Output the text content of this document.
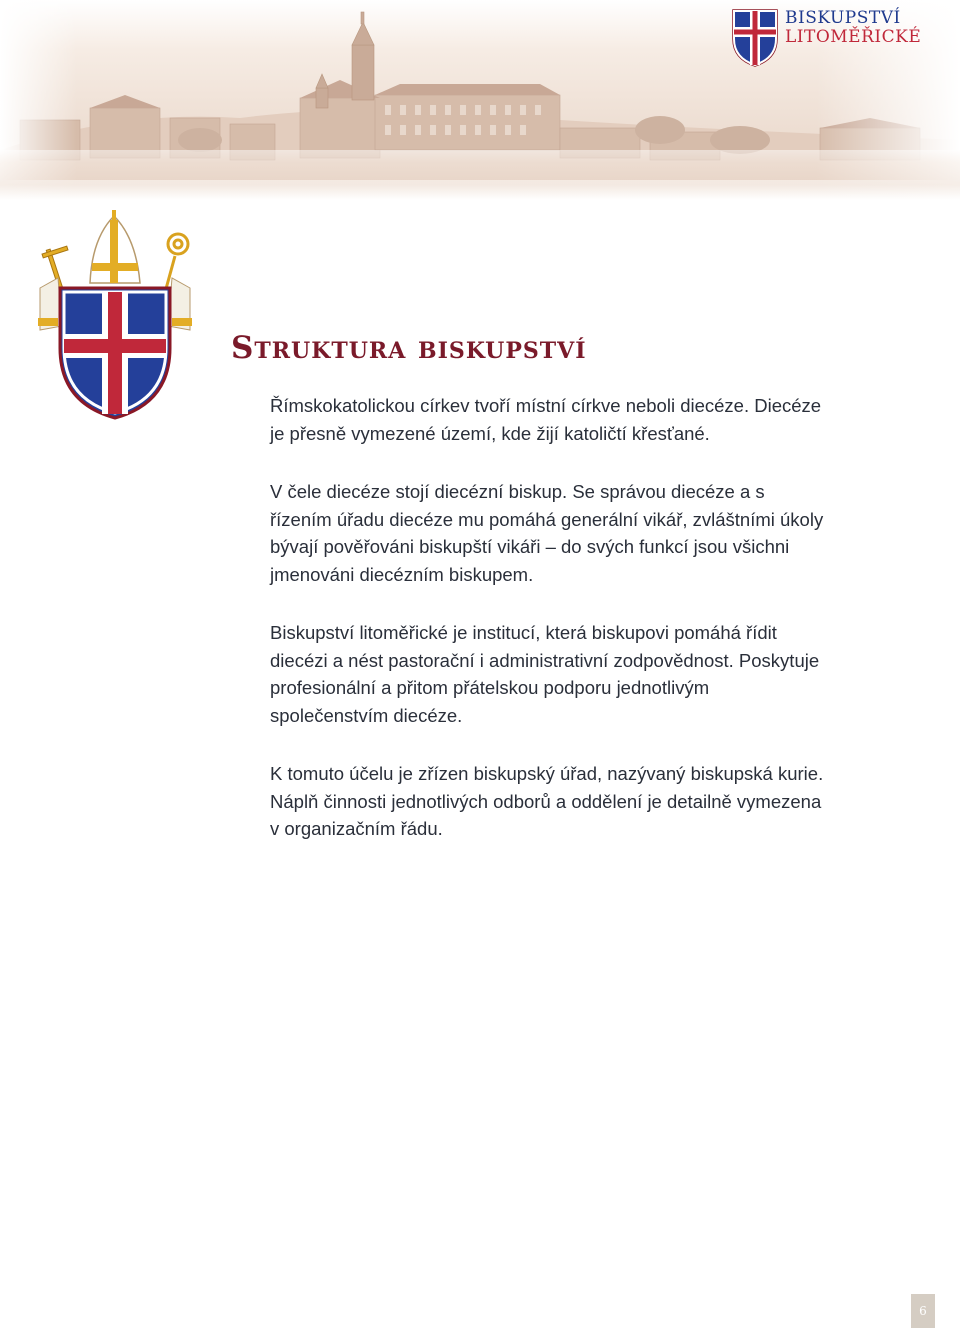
BISKUPSTVÍ
LITOMĚŘICKÉ
Struktura biskupství

Římskokatolickou církev tvoří místní církve neboli diecéze. Diecéze je přesně vymezené území, kde žijí katoličtí křesťané.

V čele diecéze stojí diecézní biskup. Se správou diecéze a s řízením úřadu diecéze mu pomáhá generální vikář, zvláštními úkoly bývají pověřováni biskupští vikáři – do svých funkcí jsou všichni jmenováni diecézním biskupem.

Biskupství litoměřické je institucí, která biskupovi pomáhá řídit diecézi a nést pastorační i administrativní zodpovědnost. Poskytuje profesionální a přitom přátelskou podporu jednotlivým společenstvím diecéze.

K tomuto účelu je zřízen biskupský úřad, nazývaný biskupská kurie. Náplň činnosti jednotlivých odborů a oddělení je detailně vymezena v organizačním řádu.

6
